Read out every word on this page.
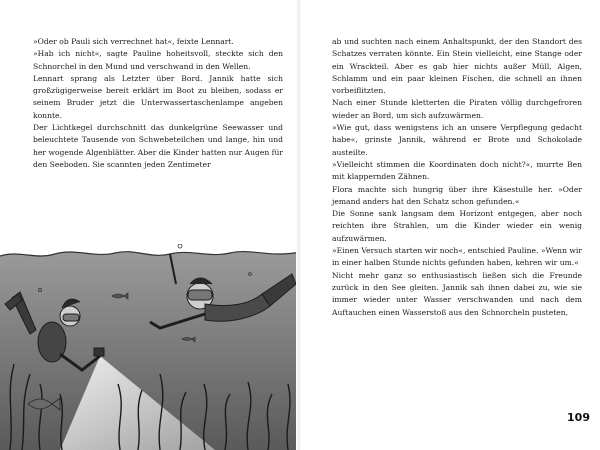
»Oder ob Pauli sich verrechnet hat«, feixte Lennart.

»Hab ich nicht«, sagte Pauline hoheitsvoll, steckte sich den Schnorchel in den Mund und verschwand in den Wellen.

Lennart sprang als Letzter über Bord. Jannik hatte sich großzügigerweise bereit erklärt im Boot zu bleiben, sodass er seinem Bruder jetzt die Unterwassertaschenlampe angeben konnte.

Der Lichtkegel durchschnitt das dunkelgrüne Seewasser und beleuchtete Tausende von Schwebeteilchen und lange, hin und her wogende Algenblätter. Aber die Kinder hatten nur Augen für den Seeboden. Sie scannten jeden Zentimeter

ab und suchten nach einem Anhaltspunkt, der den Standort des Schatzes verraten könnte. Ein Stein vielleicht, eine Stange oder ein Wrackteil. Aber es gab hier nichts außer Müll, Algen, Schlamm und ein paar kleinen Fischen, die schnell an ihnen vorbeiflitzten.

Nach einer Stunde kletterten die Piraten völlig durchgefroren wieder an Bord, um sich aufzuwärmen.

»Wie gut, dass wenigstens ich an unsere Verpflegung gedacht habe«, grinste Jannik, während er Brote und Schokolade austeilte.

»Vielleicht stimmen die Koordinaten doch nicht?«, murrte Ben mit klappernden Zähnen.

Flora machte sich hungrig über ihre Käsestulle her. »Oder jemand anders hat den Schatz schon gefunden.«

Die Sonne sank langsam dem Horizont entgegen, aber noch reichten ihre Strahlen, um die Kinder wieder ein wenig aufzuwärmen.

»Einen Versuch starten wir noch«, entschied Pauline. »Wenn wir in einer halben Stunde nichts gefunden haben, kehren wir um.«

Nicht mehr ganz so enthusiastisch ließen sich die Freunde zurück in den See gleiten. Jannik sah ihnen dabei zu, wie sie immer wieder unter Wasser verschwanden und nach dem Auftauchen einen Wasserstoß aus den Schnorcheln pusteten,

109
